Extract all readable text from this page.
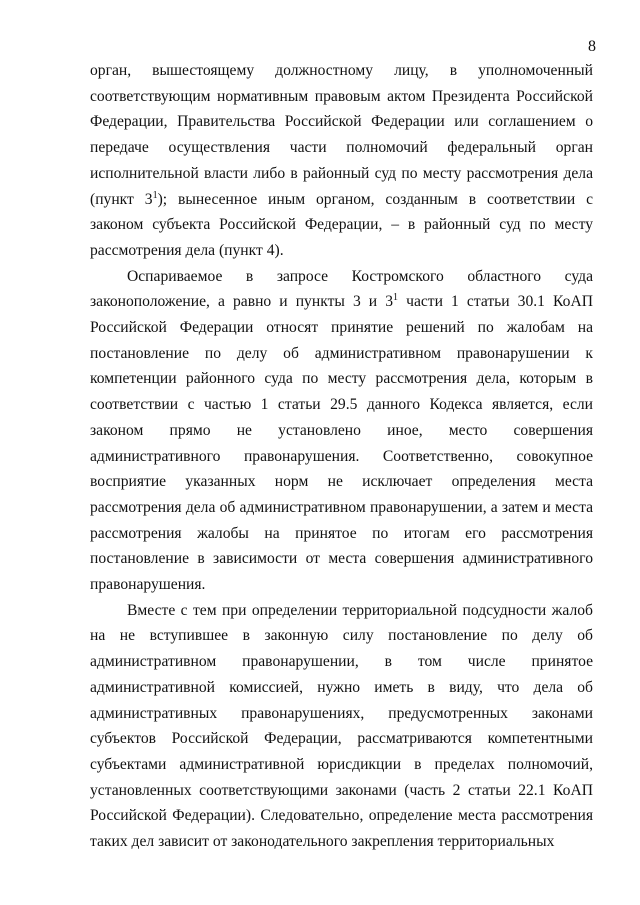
8

орган, вышестоящему должностному лицу, в уполномоченный соответствующим нормативным правовым актом Президента Российской Федерации, Правительства Российской Федерации или соглашением о передаче осуществления части полномочий федеральный орган исполнительной власти либо в районный суд по месту рассмотрения дела (пункт $3^1$); вынесенное иным органом, созданным в соответствии с законом субъекта Российской Федерации, – в районный суд по месту рассмотрения дела (пункт 4).

Оспариваемое в запросе Костромского областного суда законоположение, а равно и пункты 3 и $3^1$ части 1 статьи 30.1 КоАП Российской Федерации относят принятие решений по жалобам на постановление по делу об административном правонарушении к компетенции районного суда по месту рассмотрения дела, которым в соответствии с частью 1 статьи 29.5 данного Кодекса является, если законом прямо не установлено иное, место совершения административного правонарушения. Соответственно, совокупное восприятие указанных норм не исключает определения места рассмотрения дела об административном правонарушении, а затем и места рассмотрения жалобы на принятое по итогам его рассмотрения постановление в зависимости от места совершения административного правонарушения.

Вместе с тем при определении территориальной подсудности жалоб на не вступившее в законную силу постановление по делу об административном правонарушении, в том числе принятое административной комиссией, нужно иметь в виду, что дела об административных правонарушениях, предусмотренных законами субъектов Российской Федерации, рассматриваются компетентными субъектами административной юрисдикции в пределах полномочий, установленных соответствующими законами (часть 2 статьи 22.1 КоАП Российской Федерации). Следовательно, определение места рассмотрения таких дел зависит от законодательного закрепления территориальных
